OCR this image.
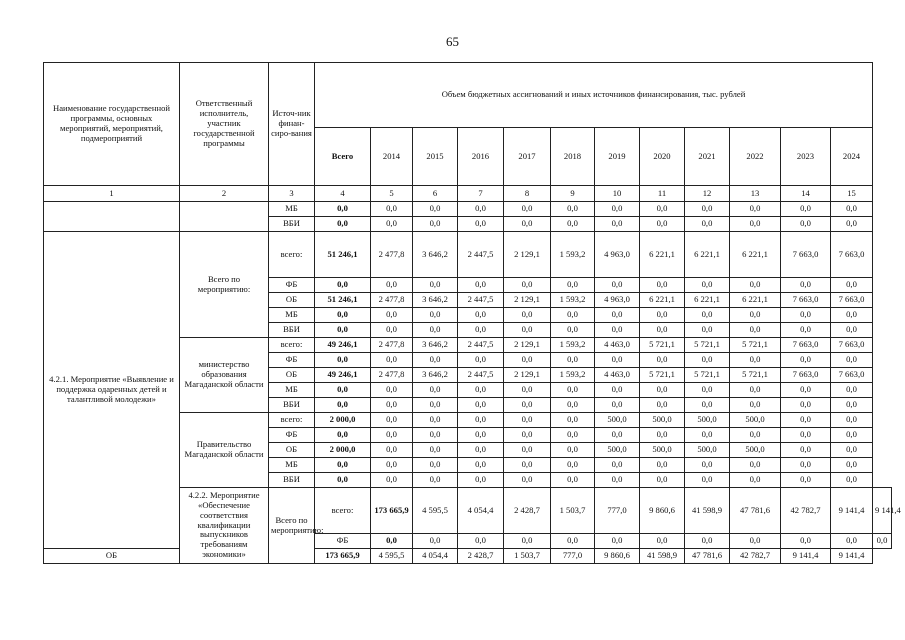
65
Наименование государственной программы, основных мероприятий, мероприятий, подмероприятий	Ответственный исполнитель, участник государственной программы	Источ-ник финан-сиро-вания	Объем бюджетных ассигнований и иных источников финансирования, тыс. рублей												
			Всего	2014	2015	2016	2017	2018	2019	2020	2021	2022	2023	2024	
1	2	3	4	5	6	7	8	9	10	11	12	13	14	15	
		МБ	0,0	0,0	0,0	0,0	0,0	0,0	0,0	0,0	0,0	0,0	0,0	0,0	
		ВБИ	0,0	0,0	0,0	0,0	0,0	0,0	0,0	0,0	0,0	0,0	0,0	0,0	
4.2.1. Мероприятие «Выявление и поддержка одаренных детей и талантливой молодежи»	Всего по мероприятию:	всего:	51 246,1	2 477,8	3 646,2	2 447,5	2 129,1	1 593,2	4 963,0	6 221,1	6 221,1	6 221,1	7 663,0	7 663,0	
		ФБ	0,0	0,0	0,0	0,0	0,0	0,0	0,0	0,0	0,0	0,0	0,0	0,0	
		ОБ	51 246,1	2 477,8	3 646,2	2 447,5	2 129,1	1 593,2	4 963,0	6 221,1	6 221,1	6 221,1	7 663,0	7 663,0	
		МБ	0,0	0,0	0,0	0,0	0,0	0,0	0,0	0,0	0,0	0,0	0,0	0,0	
		ВБИ	0,0	0,0	0,0	0,0	0,0	0,0	0,0	0,0	0,0	0,0	0,0	0,0	
	министерство образования Магаданской области	всего:	49 246,1	2 477,8	3 646,2	2 447,5	2 129,1	1 593,2	4 463,0	5 721,1	5 721,1	5 721,1	7 663,0	7 663,0	
		ФБ	0,0	0,0	0,0	0,0	0,0	0,0	0,0	0,0	0,0	0,0	0,0	0,0	
		ОБ	49 246,1	2 477,8	3 646,2	2 447,5	2 129,1	1 593,2	4 463,0	5 721,1	5 721,1	5 721,1	7 663,0	7 663,0	
		МБ	0,0	0,0	0,0	0,0	0,0	0,0	0,0	0,0	0,0	0,0	0,0	0,0	
		ВБИ	0,0	0,0	0,0	0,0	0,0	0,0	0,0	0,0	0,0	0,0	0,0	0,0	
	Правительство Магаданской области	всего:	2 000,0	0,0	0,0	0,0	0,0	0,0	500,0	500,0	500,0	500,0	0,0	0,0	
		ФБ	0,0	0,0	0,0	0,0	0,0	0,0	0,0	0,0	0,0	0,0	0,0	0,0	
		ОБ	2 000,0	0,0	0,0	0,0	0,0	0,0	500,0	500,0	500,0	500,0	0,0	0,0	
		МБ	0,0	0,0	0,0	0,0	0,0	0,0	0,0	0,0	0,0	0,0	0,0	0,0	
		ВБИ	0,0	0,0	0,0	0,0	0,0	0,0	0,0	0,0	0,0	0,0	0,0	0,0	
	4.2.2. Мероприятие «Обеспечение соответствия квалификации выпускников требованиям экономики»	Всего по мероприятию:	всего:	173 665,9	4 595,5	4 054,4	2 428,7	1 503,7	777,0	9 860,6	41 598,9	47 781,6	42 782,7	9 141,4	9 141,4
			ФБ	0,0	0,0	0,0	0,0	0,0	0,0	0,0	0,0	0,0	0,0	0,0	0,0
ОБ			173 665,9	4 595,5	4 054,4	2 428,7	1 503,7	777,0	9 860,6	41 598,9	47 781,6	42 782,7	9 141,4	9 141,4	
